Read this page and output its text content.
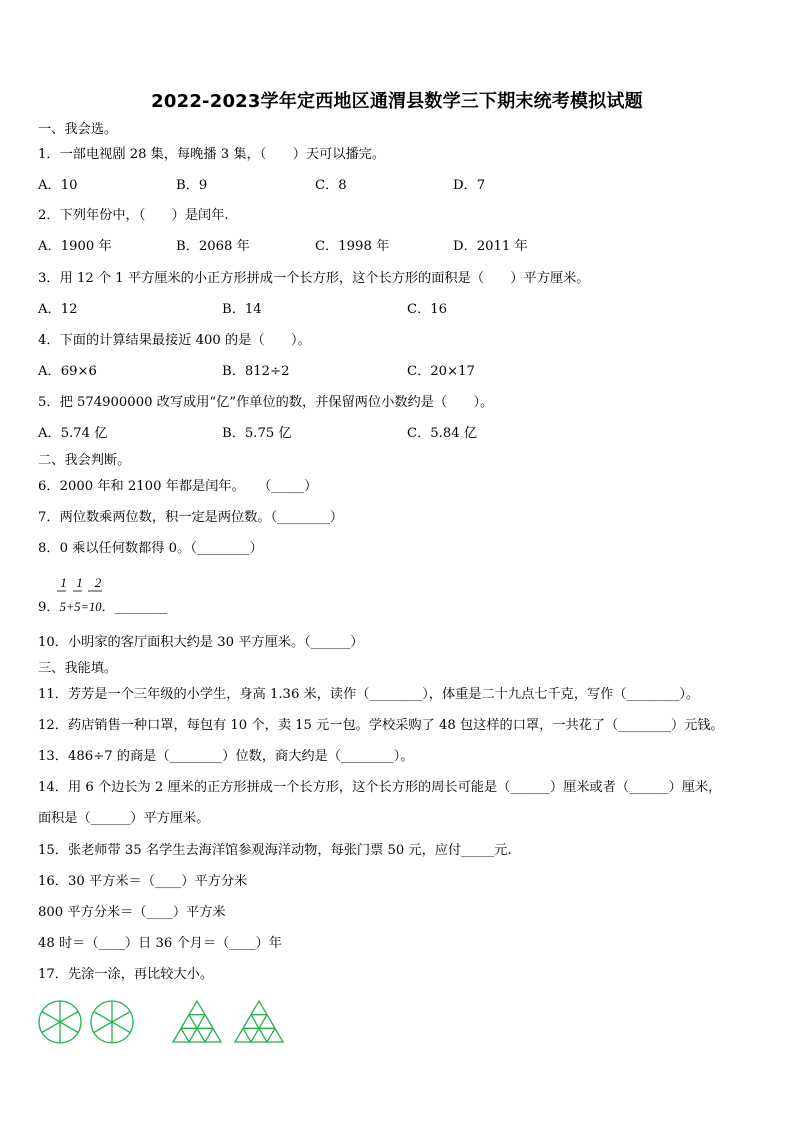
2022-2023学年定西地区通渭县数学三下期末统考模拟试题
一、我会选。
1．一部电视剧 28 集，每晚播 3 集，（　　）天可以播完。
A．10	B．9	C．8	D．7
2．下列年份中，（　　）是闰年.
A．1900 年	B．2068 年	C．1998 年	D．2011 年
3．用 12 个 1 平方厘米的小正方形拼成一个长方形，这个长方形的面积是（　　）平方厘米。
A．12	B．14	C．16
4．下面的计算结果最接近 400 的是（　　）。
A．69×6	B．812÷2	C．20×17
5．把 574900000 改写成用“亿”作单位的数，并保留两位小数约是（　　）。
A．5.74 亿	B．5.75 亿	C．5.84 亿
二、我会判断。
6．2000 年和 2100 年都是闰年。　　（_____）
7．两位数乘两位数，积一定是两位数。（________）
8．0 乘以任何数都得 0。（________）
1 1 2
9．5+5=10．________
10．小明家的客厅面积大约是 30 平方厘米。（______）
三、我能填。
11．芳芳是一个三年级的小学生，身高 1.36 米，读作（________），体重是二十九点七千克，写作（________）。
12．药店销售一种口罩，每包有 10 个，卖 15 元一包。学校采购了 48 包这样的口罩，一共花了（________）元钱。
13．486÷7 的商是（________）位数，商大约是（________）。
14．用 6 个边长为 2 厘米的正方形拼成一个长方形，这个长方形的周长可能是（______）厘米或者（______）厘米，
面积是（______）平方厘米。
15．张老师带 35 名学生去海洋馆参观海洋动物，每张门票 50 元，应付_____元.
16．30 平方米＝（____）平方分米
800 平方分米＝（____）平方米
48 时＝（____）日 36 个月＝（____）年
17．先涂一涂，再比较大小。
